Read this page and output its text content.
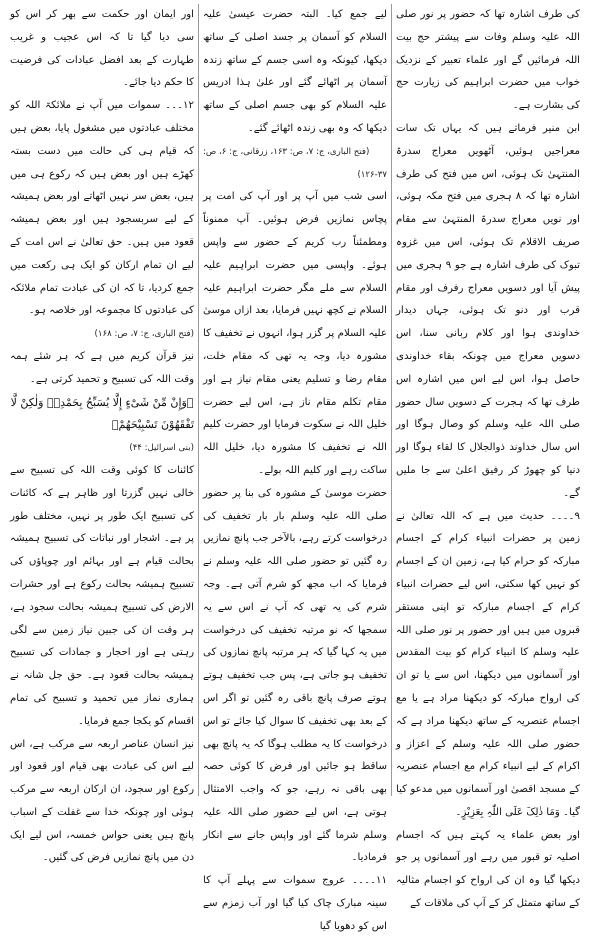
کی طرف اشارہ تھا کہ حضور پر نور صلی اللہ علیہ وسلم وفات سے پیشتر حج بیت اللہ فرمائیں گے اور علماء تعبیر کے نزدیک خواب میں حضرت ابراہیم کی زیارت حج کی بشارت ہے۔

ابن منیر فرماتے ہیں کہ یہاں تک سات معراجیں ہوئیں، آٹھویں معراج سدرۃ المنتہیٰ تک ہوئی، اس میں فتح کی طرف اشارہ تھا کہ ۸ ہجری میں فتح مکہ ہوئی، اور نویں معراج سدرۃ المنتہیٰ سے مقام صریف الاقلام تک ہوئی، اس میں غزوہ تبوک کی طرف اشارہ ہے جو ۹ ہجری میں پیش آیا اور دسویں معراج رفرف اور مقام قرب اور دنو تک ہوئی، جہاں دیدار خداوندی ہوا اور کلام ربانی سنا، اس دسویں معراج میں چونکہ بقاء خداوندی حاصل ہوا، اس لیے اس میں اشارہ اس طرف تھا کہ ہجرت کے دسویں سال حضور صلی اللہ علیہ وسلم کو وصال ہوگا اور اس سال خداوند ذوالجلال کا لقاء ہوگا اور دنیا کو چھوڑ کر رفیق اعلیٰ سے جا ملیں گے۔

۹۔۔۔۔ حدیث میں ہے کہ اللہ تعالیٰ نے زمین پر حضرات انبیاء کرام کے اجسام مبارکہ کو حرام کیا ہے، زمین ان کے اجسام کو نہیں کھا سکتی، اس لیے حضرات انبیاء کرام کے اجسام مبارکہ تو اپنی مستقر قبروں میں ہیں اور حضور پر نور صلی اللہ علیہ وسلم کا انبیاء کرام کو بیت المقدس اور آسمانوں میں دیکھنا، اس سے یا تو ان کی ارواح مبارکہ کو دیکھنا مراد ہے یا مع اجسام عنصریہ کے ساتھ دیکھنا مراد ہے کہ حضور صلی اللہ علیہ وسلم کے اعزاز و اکرام کے لیے انبیاء کرام مع اجسام عنصریہ کے مسجد اقصیٰ اور آسمانوں میں مدعو کیا گیا۔ وَمَا ذٰلِکَ عَلَی اللّٰہِ بِعَزِیْزٍ۔

اور بعض علماء یہ کہتے ہیں کہ اجسام اصلیہ تو قبور میں رہے اور آسمانوں پر جو دیکھا گیا وہ ان کی ارواح کو اجسام مثالیہ کے ساتھ متمثل کر کے آپ کی ملاقات کے

لیے جمع کیا۔ البتہ حضرت عیسیٰ علیہ السلام کو آسمان پر جسد اصلی کے ساتھ دیکھا، کیونکہ وہ اسی جسم کے ساتھ زندہ آسمان پر اٹھائے گئے اور علیٰ ہذا ادریس علیہ السلام کو بھی جسم اصلی کے ساتھ دیکھا کہ وہ بھی زندہ اٹھائے گئے۔

(فتح الباری، ج: ۷، ص: ۱۶۳، زرقانی، ج: ۶، ص: ۳۷-۱۲۶)

اسی شب میں آپ پر اور آپ کی امت پر پچاس نمازیں فرض ہوئیں۔ آپ ممنوناً ومطمئناً رب کریم کے حضور سے واپس ہوئے۔ واپسی میں حضرت ابراہیم علیہ السلام سے ملے مگر حضرت ابراہیم علیہ السلام نے کچھ نہیں فرمایا، بعد ازاں موسیٰ علیہ السلام پر گزر ہوا، انہوں نے تخفیف کا مشورہ دیا، وجہ یہ تھی کہ مقام خلت، مقام رضا و تسلیم یعنی مقام نیاز ہے اور مقام تکلم مقام ناز ہے، اس لیے حضرت خلیل اللہ نے سکوت فرمایا اور حضرت کلیم اللہ نے تخفیف کا مشورہ دیا، خلیل اللہ ساکت رہے اور کلیم اللہ بولے۔

حضرت موسیٰ کے مشورہ کی بنا پر حضور صلی اللہ علیہ وسلم بار بار تخفیف کی درخواست کرتے رہے، بالآخر جب پانچ نمازیں رہ گئیں تو حضور صلی اللہ علیہ وسلم نے فرمایا کہ اب مجھ کو شرم آتی ہے۔ وجہ شرم کی یہ تھی کہ آپ نے اس سے یہ سمجھا کہ نو مرتبہ تخفیف کی درخواست میں یہ کہا گیا کہ ہر مرتبہ پانچ نمازوں کی تخفیف ہو جاتی ہے، پس جب تخفیف ہوتے ہوتے صرف پانچ باقی رہ گئیں تو اگر اس کے بعد بھی تخفیف کا سوال کیا جائے تو اس درخواست کا یہ مطلب ہوگا کہ یہ پانچ بھی ساقط ہو جائیں اور فرض کا کوئی حصہ بھی باقی نہ رہے، جو کہ واجب الامتثال ہوتی ہے، اس لیے حضور صلی اللہ علیہ وسلم شرما گئے اور واپس جانے سے انکار فرمادیا۔

۱۱۔۔۔۔ عروج سموات سے پہلے آپ کا سینہ مبارک چاک کیا گیا اور آب زمزم سے اس کو دھویا گیا

اور ایمان اور حکمت سے بھر کر اس کو سی دیا گیا تا کہ اس عجیب و غریب طہارت کے بعد افضل عبادات کی فرضیت کا حکم دیا جائے۔

۱۲۔۔۔ سموات میں آپ نے ملائکۃ اللہ کو مختلف عبادتوں میں مشغول پایا، بعض ہیں کہ قیام ہی کی حالت میں دست بستہ کھڑے ہیں اور بعض ہیں کہ رکوع ہی میں ہیں، بعض سر نہیں اٹھاتے اور بعض ہمیشہ کے لیے سربسجود ہیں اور بعض ہمیشہ قعود میں ہیں۔ حق تعالیٰ نے اس امت کے لیے ان تمام ارکان کو ایک ہی رکعت میں جمع کردیا، تا کہ ان کی عبادت تمام ملائکہ کی عبادتوں کا مجموعہ اور خلاصہ ہو۔

(فتح الباری، ج: ۷، ص: ۱۶۸)

نیز قرآن کریم میں ہے کہ ہر شئے ہمہ وقت اللہ کی تسبیح و تحمید کرتی ہے۔

﴿وَإِنْ مِّنْ شَیْءٍ إِلَّا یُسَبِّحُ بِحَمْدِهٖ وَلٰكِنْ لَّا تَفْقَهُوْنَ تَسْبِیْحَهُمْ﴾

(بنی اسرائیل: ۴۴)

کائنات کا کوئی وقت اللہ کی تسبیح سے خالی نہیں گزرتا اور ظاہر ہے کہ کائنات کی تسبیح ایک طور پر نہیں، مختلف طور پر ہے۔ اشجار اور نباتات کی تسبیح ہمیشہ بحالت قیام ہے اور بہائم اور چوپاؤں کی تسبیح ہمیشہ بحالت رکوع ہے اور حشرات الارض کی تسبیح ہمیشہ بحالت سجود ہے، ہر وقت ان کی جبین نیاز زمین سے لگی رہتی ہے اور احجار و جمادات کی تسبیح ہمیشہ بحالت قعود ہے۔ حق جل شانہ نے ہماری نماز میں تحمید و تسبیح کی تمام اقسام کو یکجا جمع فرمایا۔

نیز انسان عناصر اربعہ سے مرکب ہے، اس لیے اس کی عبادت بھی قیام اور قعود اور رکوع اور سجود، ان ارکان اربعہ سے مرکب ہوئی اور چونکہ خدا سے غفلت کے اسباب پانچ ہیں یعنی حواس خمسہ، اس لیے ایک دن میں پانچ نمازیں فرض کی گئیں۔
